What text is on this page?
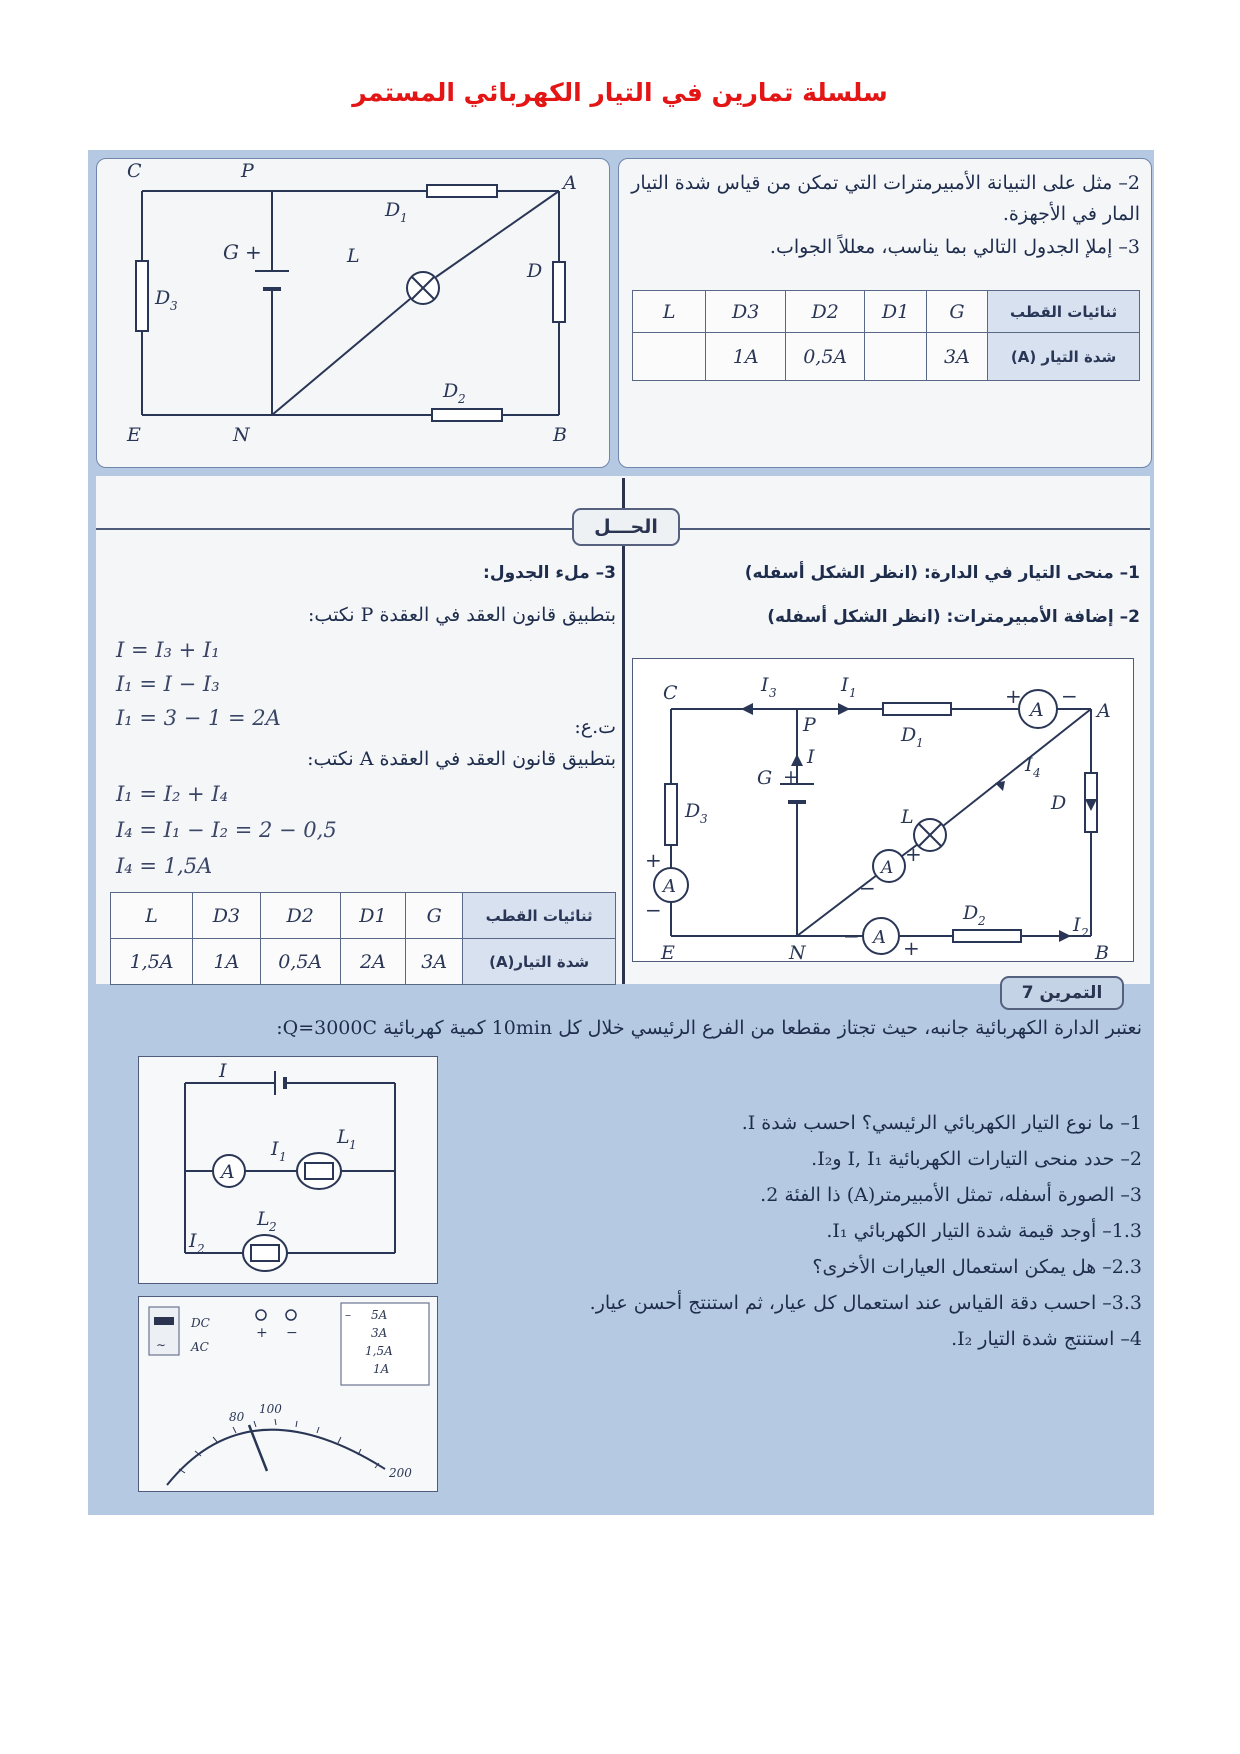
سلسلة تمارين في التيار الكهربائي المستمر
C	P
A
E	N	B
G +	L
D
D 1
D 2
D 3
2– مثل على التبيانة الأمبيرمترات التي تمكن من قياس شدة التيار المار في الأجهزة.
3– إملإ الجدول التالي بما يناسب، معللاً الجواب.
ثنائيات القطب	G	D1	D2	D3	L
شدة التيار (A)	3A		0,5A	1A	
الحـــل
1– منحى التيار في الدارة: (انظر الشكل أسفله)
2– إضافة الأمبيرمترات: (انظر الشكل أسفله)
A
A
A
A
+ −
+
−
+
−
+
−
C
P
A
E	N	B
G +
L
D
D 1
D 2
D 3
I 3	I 1
I	I 4
I 2
3– ملء الجدول:
بتطبيق قانون العقد في العقدة P نكتب:
I = I₃ + I₁
I₁ = I − I₃
I₁ = 3 − 1 = 2A	ت.ع:
بتطبيق قانون العقد في العقدة A نكتب:
I₁ = I₂ + I₄
I₄ = I₁ − I₂ = 2 − 0,5
I₄ = 1,5A
ثنائيات القطب	G	D1	D2	D3	L
شدة التيار(A)	3A	2A	0,5A	1A	1,5A
التمرين 7
نعتبر الدارة الكهربائية جانبه، حيث تجتاز مقطعا من الفرع الرئيسي خلال كل 10min كمية كهربائية Q=3000C:
A
I
I 1
I 2
L 1
L 2
∼
DC
AC
+ −
– 5A
3A
1,5A
1A
80
100
200
1– ما نوع التيار الكهربائي الرئيسي؟ احسب شدة I.
2– حدد منحى التيارات الكهربائية I, I₁ وI₂.
3– الصورة أسفله، تمثل الأمبيرمتر(A) ذا الفئة 2.
1.3– أوجد قيمة شدة التيار الكهربائي I₁.
2.3– هل يمكن استعمال العيارات الأخرى؟
3.3– احسب دقة القياس عند استعمال كل عيار، ثم استنتج أحسن عيار.
4– استنتج شدة التيار I₂.
